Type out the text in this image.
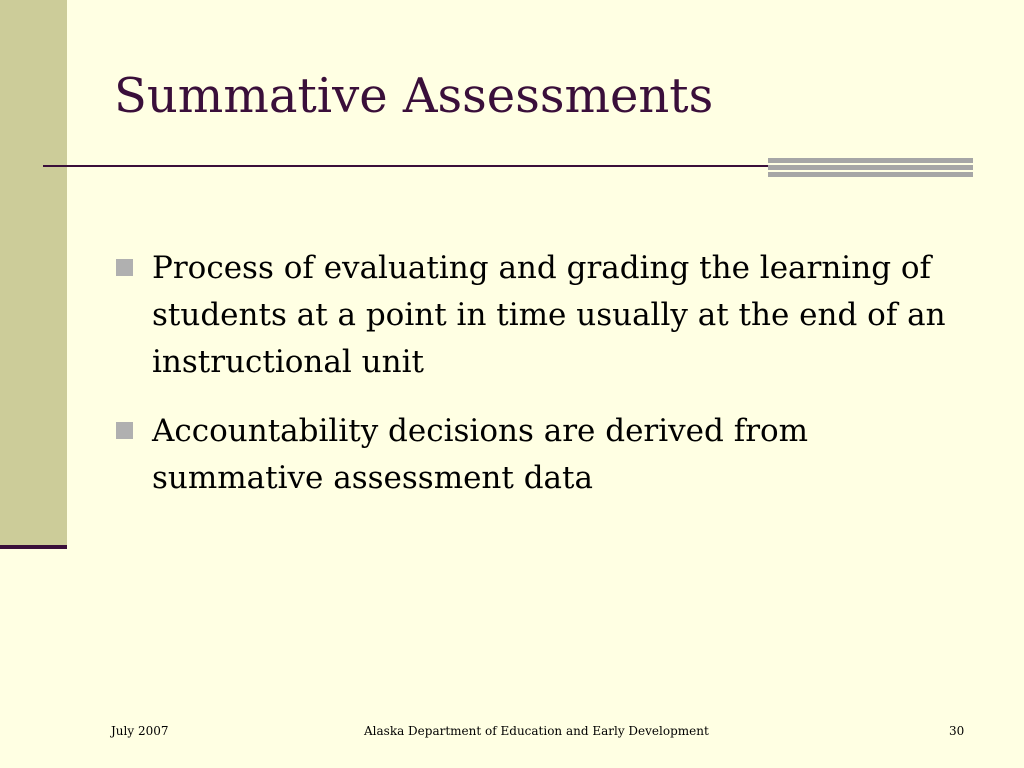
Summative Assessments
Process of evaluating and grading the learning of students at a point in time usually at the end of an instructional unit
Accountability decisions are derived from summative assessment data
July 2007	Alaska Department of Education and Early Development	30
